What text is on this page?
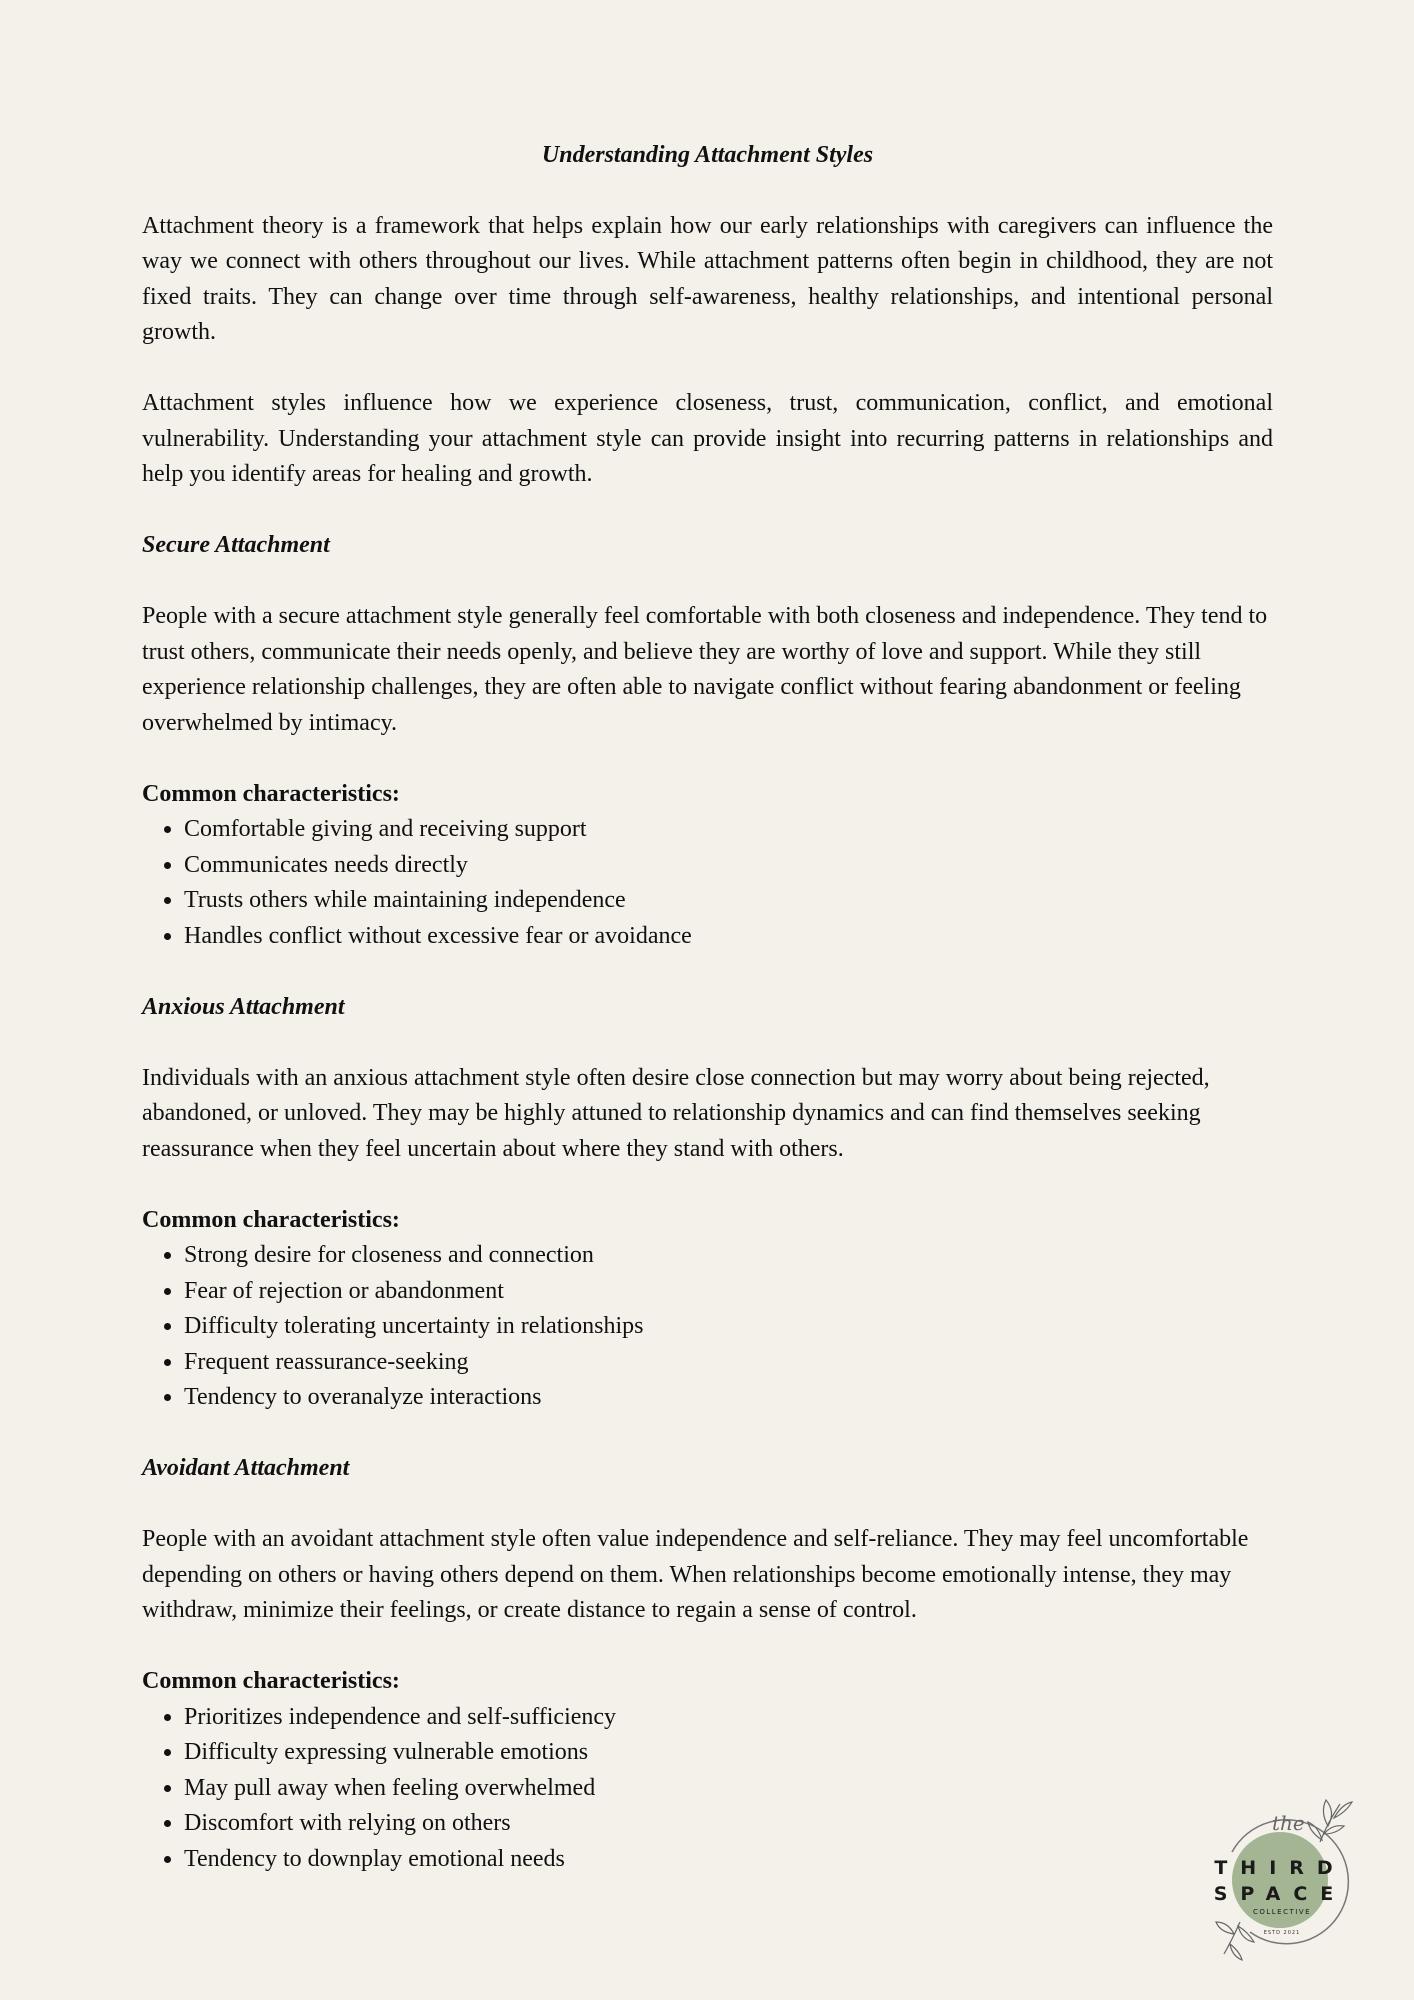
Understanding Attachment Styles

Attachment theory is a framework that helps explain how our early relationships with caregivers can influence the way we connect with others throughout our lives. While attachment patterns often begin in childhood, they are not fixed traits. They can change over time through self-awareness, healthy relationships, and intentional personal growth.

Attachment styles influence how we experience closeness, trust, communication, conflict, and emotional vulnerability. Understanding your attachment style can provide insight into recurring patterns in relationships and help you identify areas for healing and growth.

Secure Attachment

People with a secure attachment style generally feel comfortable with both closeness and independence. They tend to trust others, communicate their needs openly, and believe they are worthy of love and support. While they still experience relationship challenges, they are often able to navigate conflict without fearing abandonment or feeling overwhelmed by intimacy.

Common characteristics:
• Comfortable giving and receiving support
• Communicates needs directly
• Trusts others while maintaining independence
• Handles conflict without excessive fear or avoidance
Anxious Attachment

Individuals with an anxious attachment style often desire close connection but may worry about being rejected, abandoned, or unloved. They may be highly attuned to relationship dynamics and can find themselves seeking reassurance when they feel uncertain about where they stand with others.

Common characteristics:
• Strong desire for closeness and connection
• Fear of rejection or abandonment
• Difficulty tolerating uncertainty in relationships
• Frequent reassurance-seeking
• Tendency to overanalyze interactions
Avoidant Attachment

People with an avoidant attachment style often value independence and self-reliance. They may feel uncomfortable depending on others or having others depend on them. When relationships become emotionally intense, they may withdraw, minimize their feelings, or create distance to regain a sense of control.

Common characteristics:
• Prioritizes independence and self-sufficiency
• Difficulty expressing vulnerable emotions
• May pull away when feeling overwhelmed
• Discomfort with relying on others
• Tendency to downplay emotional needs
the
THIRD
SPACE
COLLECTIVE
ESTD 2021
